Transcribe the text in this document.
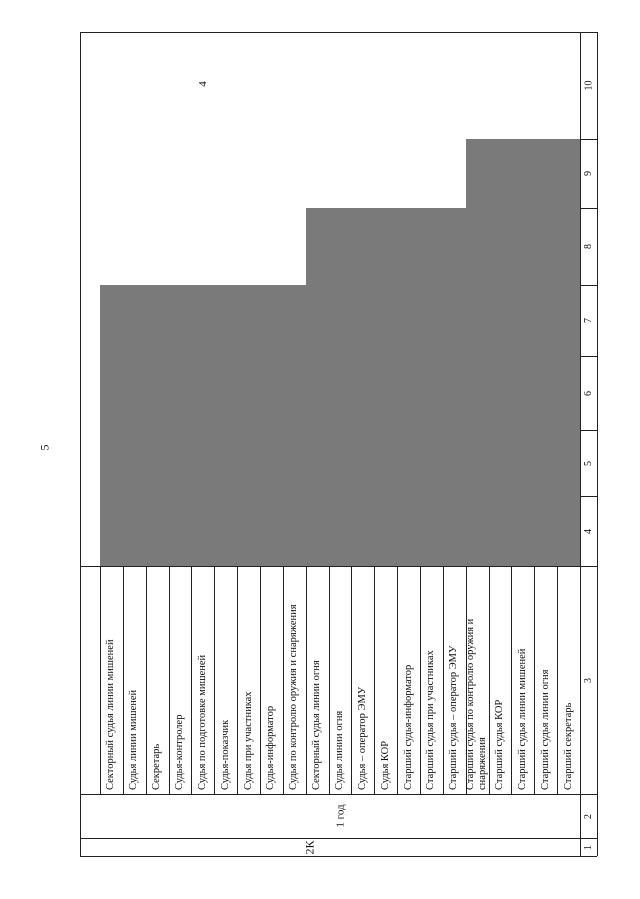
5
4
1
2
3
4
5
6
7
8
9
10
2К
1 год
Старший секретарь
Старший судья линии огня
Старший судья линии мишеней
Старший судья КОР
Старший судья по контролю оружия и снаряжения
Старший судья – оператор ЭМУ
Старший судья при участниках
Старший судья-информатор
Судья КОР
Судья – оператор ЭМУ
Судья линии огня
Секторный судья линии огня
Судья по контролю оружия и снаряжения
Судья-информатор
Судья при участниках
Судья-показчик
Судья по подготовке мишеней
Судья-контролер
Секретарь
Судья линии мишеней
Секторный судья линии мишеней
